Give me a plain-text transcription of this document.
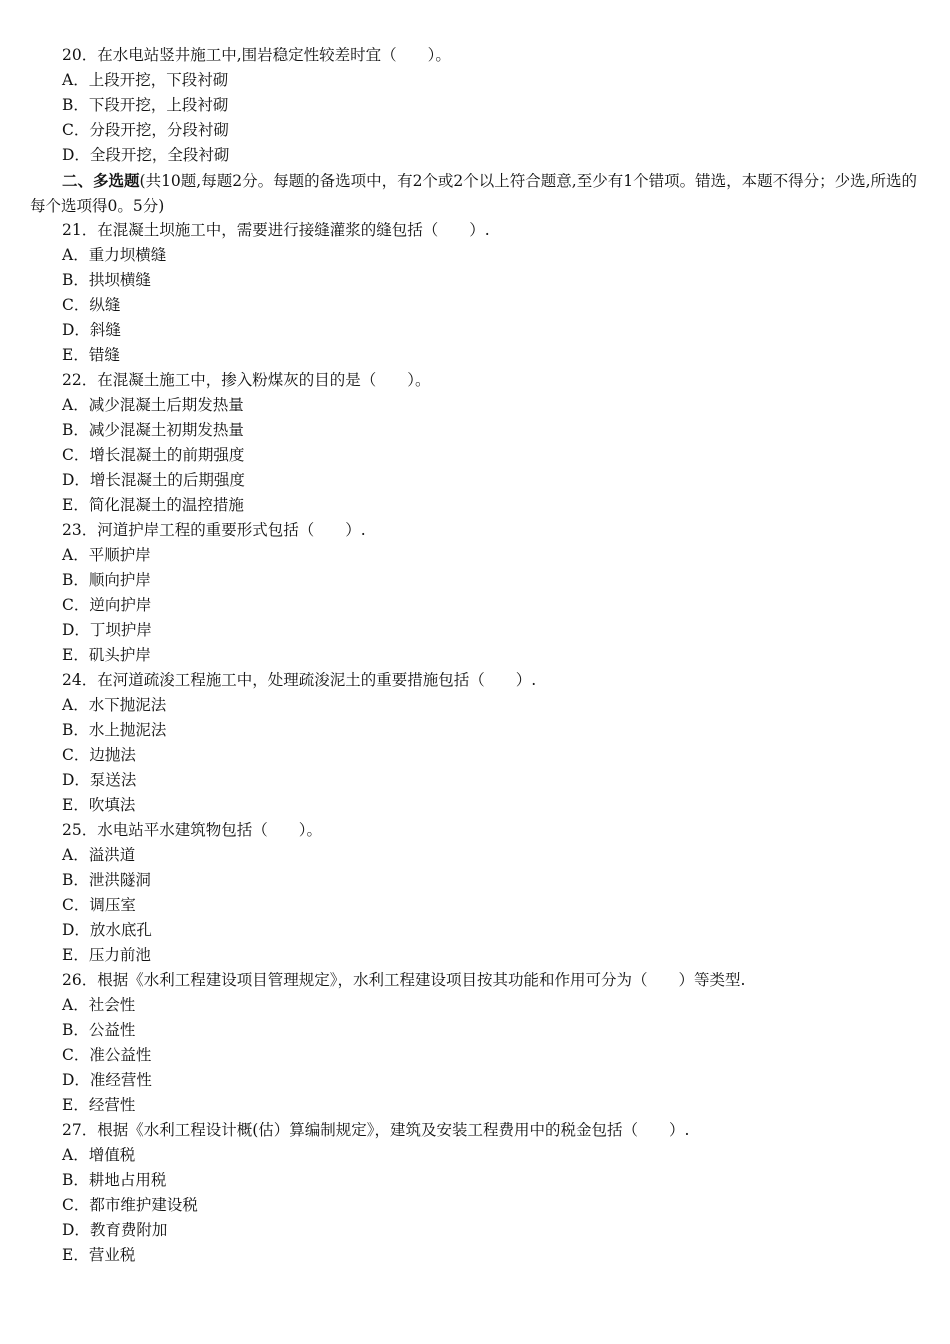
20．在水电站竖井施工中,围岩稳定性较差时宜（　　）。

A．上段开挖，下段衬砌

B．下段开挖，上段衬砌

C．分段开挖，分段衬砌

D．全段开挖，全段衬砌

二、多选题(共10题,每题2分。每题的备选项中，有2个或2个以上符合题意,至少有1个错项。错选，本题不得分；少选,所选的每个选项得0。5分)

21．在混凝土坝施工中，需要进行接缝灌浆的缝包括（　　）.

A．重力坝横缝

B．拱坝横缝

C．纵缝

D．斜缝

E．错缝

22．在混凝土施工中，掺入粉煤灰的目的是（　　）。

A．减少混凝土后期发热量

B．减少混凝土初期发热量

C．增长混凝土的前期强度

D．增长混凝土的后期强度

E．简化混凝土的温控措施

23．河道护岸工程的重要形式包括（　　）.

A．平顺护岸

B．顺向护岸

C．逆向护岸

D．丁坝护岸

E．矶头护岸

24．在河道疏浚工程施工中，处理疏浚泥土的重要措施包括（　　）.

A．水下抛泥法

B．水上抛泥法

C．边抛法

D．泵送法

E．吹填法

25．水电站平水建筑物包括（　　）。

A．溢洪道

B．泄洪隧洞

C．调压室

D．放水底孔

E．压力前池

26．根据《水利工程建设项目管理规定》，水利工程建设项目按其功能和作用可分为（　　）等类型.

A．社会性

B．公益性

C．准公益性

D．准经营性

E．经营性

27．根据《水利工程设计概(估）算编制规定》，建筑及安装工程费用中的税金包括（　　）.

A．增值税

B．耕地占用税

C．都市维护建设税

D．教育费附加

E．营业税
